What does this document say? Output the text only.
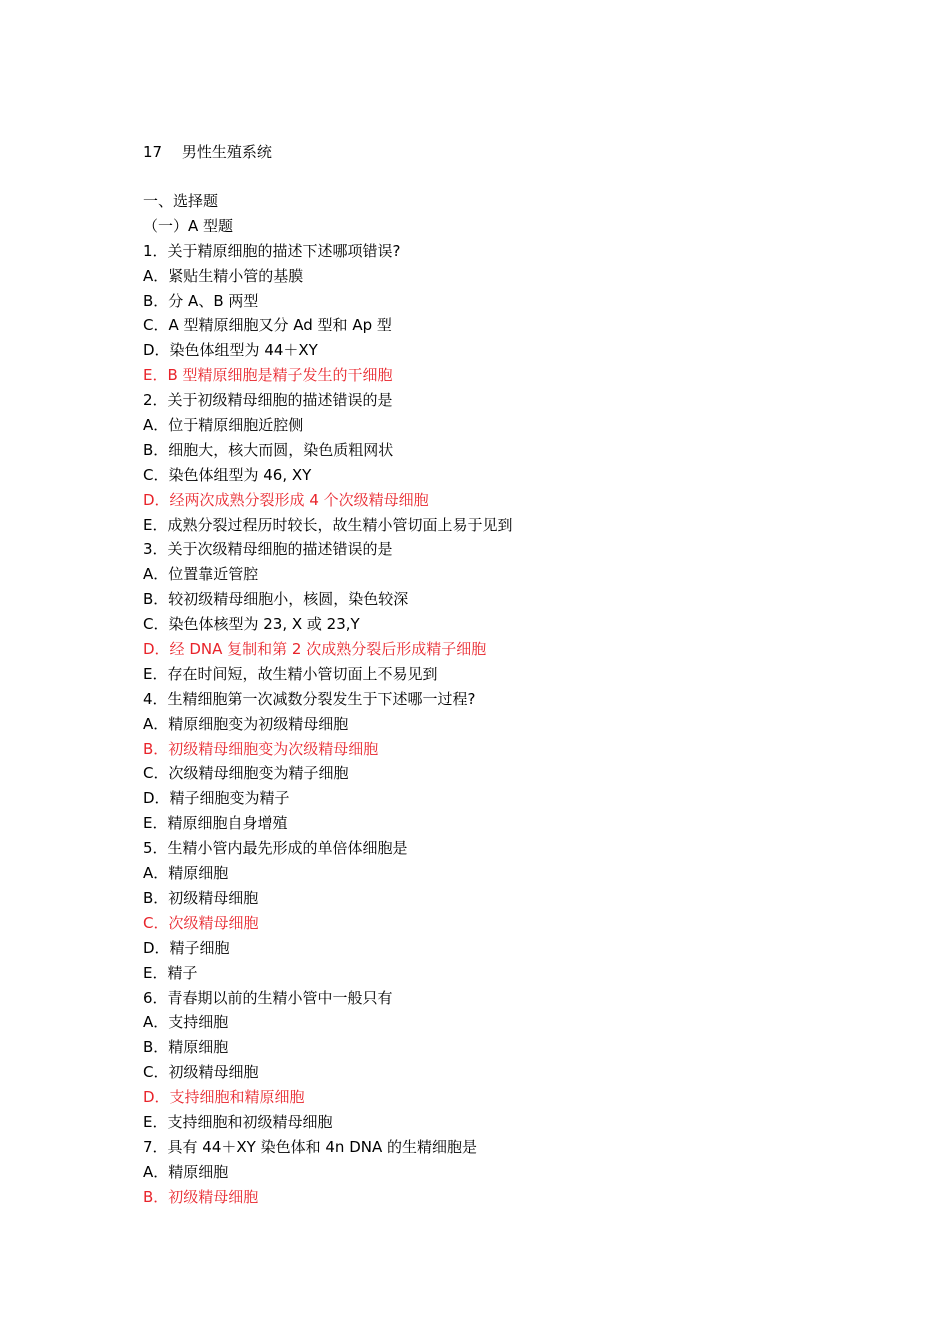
17　 男性生殖系统
一、选择题
（一）A 型题
1．关于精原细胞的描述下述哪项错误?
A．紧贴生精小管的基膜
B．分 A、B 两型
C．A 型精原细胞又分 Ad 型和 Ap 型
D．染色体组型为 44＋XY
E．B 型精原细胞是精子发生的干细胞
2．关于初级精母细胞的描述错误的是
A．位于精原细胞近腔侧
B．细胞大，核大而圆，染色质粗网状
C．染色体组型为 46, XY
D．经两次成熟分裂形成 4 个次级精母细胞
E．成熟分裂过程历时较长，故生精小管切面上易于见到
3．关于次级精母细胞的描述错误的是
A．位置靠近管腔
B．较初级精母细胞小，核圆，染色较深
C．染色体核型为 23, X 或 23,Y
D．经 DNA 复制和第 2 次成熟分裂后形成精子细胞
E．存在时间短，故生精小管切面上不易见到
4．生精细胞第一次减数分裂发生于下述哪一过程?
A．精原细胞变为初级精母细胞
B．初级精母细胞变为次级精母细胞
C．次级精母细胞变为精子细胞
D．精子细胞变为精子
E．精原细胞自身增殖
5．生精小管内最先形成的单倍体细胞是
A．精原细胞
B．初级精母细胞
C．次级精母细胞
D．精子细胞
E．精子
6．青春期以前的生精小管中一般只有
A．支持细胞
B．精原细胞
C．初级精母细胞
D．支持细胞和精原细胞
E．支持细胞和初级精母细胞
7．具有 44＋XY 染色体和 4n DNA 的生精细胞是
A．精原细胞
B．初级精母细胞
